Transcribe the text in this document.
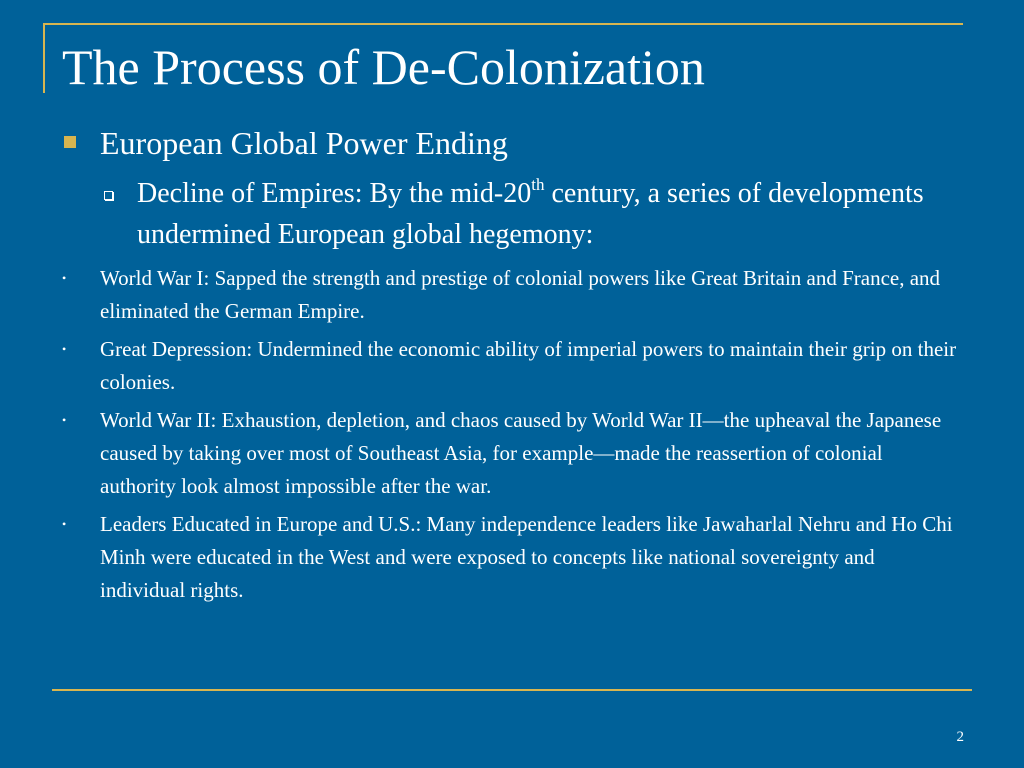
The Process of De-Colonization
European Global Power Ending
Decline of Empires: By the mid-20th century, a series of developments undermined European global hegemony:
• World War I: Sapped the strength and prestige of colonial powers like Great Britain and France, and eliminated the German Empire.
• Great Depression: Undermined the economic ability of imperial powers to maintain their grip on their colonies.
• World War II: Exhaustion, depletion, and chaos caused by World War II—the upheaval the Japanese caused by taking over most of Southeast Asia, for example—made the reassertion of colonial authority look almost impossible after the war.
• Leaders Educated in Europe and U.S.: Many independence leaders like Jawaharlal Nehru and Ho Chi Minh were educated in the West and were exposed to concepts like national sovereignty and individual rights.
2
